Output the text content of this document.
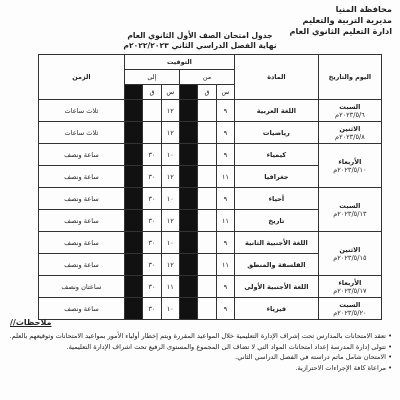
محافظة المنيا
مديرية التربية والتعليم
ادارة التعليم الثانوي العام
جدول امتحان الصف الأول الثانوي العام
نهاية الفصل الدراسي الثاني ٢٠٢٢/٢٠٢٣م
اليوم والتاريخ	المادة	التوقيت						الزمن
		من			إلى			
		س	ق		س	ق		

السبت
٢٠٢٣/٥/٦م	اللغة العربية	٩			١٢			ثلاث ساعات

الاثنين
٢٠٢٣/٥/٨م	رياضيات	٩			١٢			ثلاث ساعات

الأربعاء
٢٠٢٣/٥/١٠م	كيمياء	٩			١٠	٣٠		ساعة ونصف
	جغرافيا	١١			١٢	٣٠		ساعة ونصف

السبت
٢٠٢٣/٥/١٣م	أحياء	٩			١٠	٣٠		ساعة ونصف
	تاريخ	١١			١٢	٣٠		ساعة ونصف

الاثنين
٢٠٢٣/٥/١٥م	اللغة الأجنبية الثانية	٩			١٠	٣٠		ساعة ونصف
	الفلسفة والمنطق	١١			١٢	٣٠		ساعة ونصف

الأربعاء
٢٠٢٣/٥/١٧م	اللغة الأجنبية الأولى	٩			١١	٣٠		ساعتان ونصف

السبت
٢٠٢٣/٥/٢٠م	فيزياء	٩			١٠	٣٠		ساعة ونصف
ملاحظات//
• تعقد الامتحانات بالمدارس تحت إشراف الإدارة التعليمية خلال المواعيد المقررة ويتم إخطار أولياء الأمور بمواعيد الامتحانات وتوقيعهم بالعلم.
• تتولى إدارة المدرسة إعداد امتحانات المواد التي لا تضاف الى المجموع والمستوى الرفيع تحت اشراف الإدارة التعليمية.
• الامتحان شامل ماتم دراسته في الفصل الدراسي الثاني.
• مراعاة كافة الإجراءات الاحترازية.
